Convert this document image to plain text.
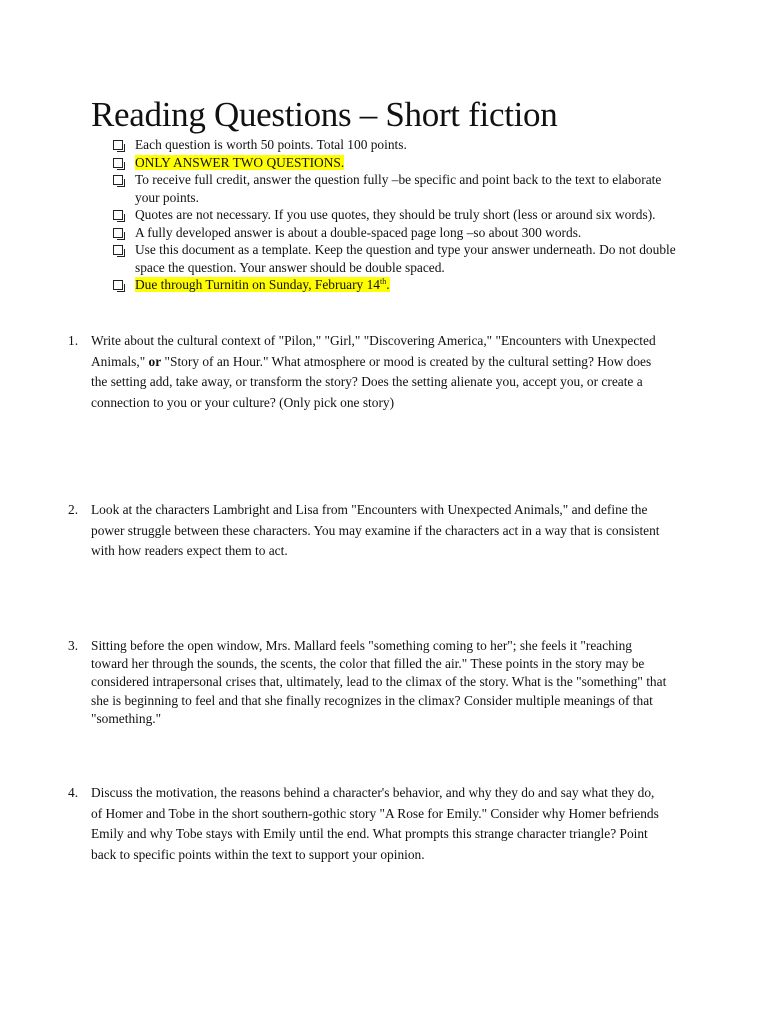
Reading Questions – Short fiction
Each question is worth 50 points. Total 100 points.
ONLY ANSWER TWO QUESTIONS.
To receive full credit, answer the question fully –be specific and point back to the text to elaborate your points.
Quotes are not necessary. If you use quotes, they should be truly short (less or around six words).
A fully developed answer is about a double-spaced page long –so about 300 words.
Use this document as a template. Keep the question and type your answer underneath. Do not double space the question. Your answer should be double spaced.
Due through Turnitin on Sunday, February 14th.
1. Write about the cultural context of "Pilon," "Girl," "Discovering America," "Encounters with Unexpected Animals," or "Story of an Hour." What atmosphere or mood is created by the cultural setting? How does the setting add, take away, or transform the story? Does the setting alienate you, accept you, or create a connection to you or your culture? (Only pick one story)
2. Look at the characters Lambright and Lisa from "Encounters with Unexpected Animals," and define the power struggle between these characters. You may examine if the characters act in a way that is consistent with how readers expect them to act.
3. Sitting before the open window, Mrs. Mallard feels "something coming to her"; she feels it "reaching toward her through the sounds, the scents, the color that filled the air." These points in the story may be considered intrapersonal crises that, ultimately, lead to the climax of the story. What is the "something" that she is beginning to feel and that she finally recognizes in the climax? Consider multiple meanings of that "something."
4. Discuss the motivation, the reasons behind a character's behavior, and why they do and say what they do, of Homer and Tobe in the short southern-gothic story "A Rose for Emily." Consider why Homer befriends Emily and why Tobe stays with Emily until the end. What prompts this strange character triangle? Point back to specific points within the text to support your opinion.
